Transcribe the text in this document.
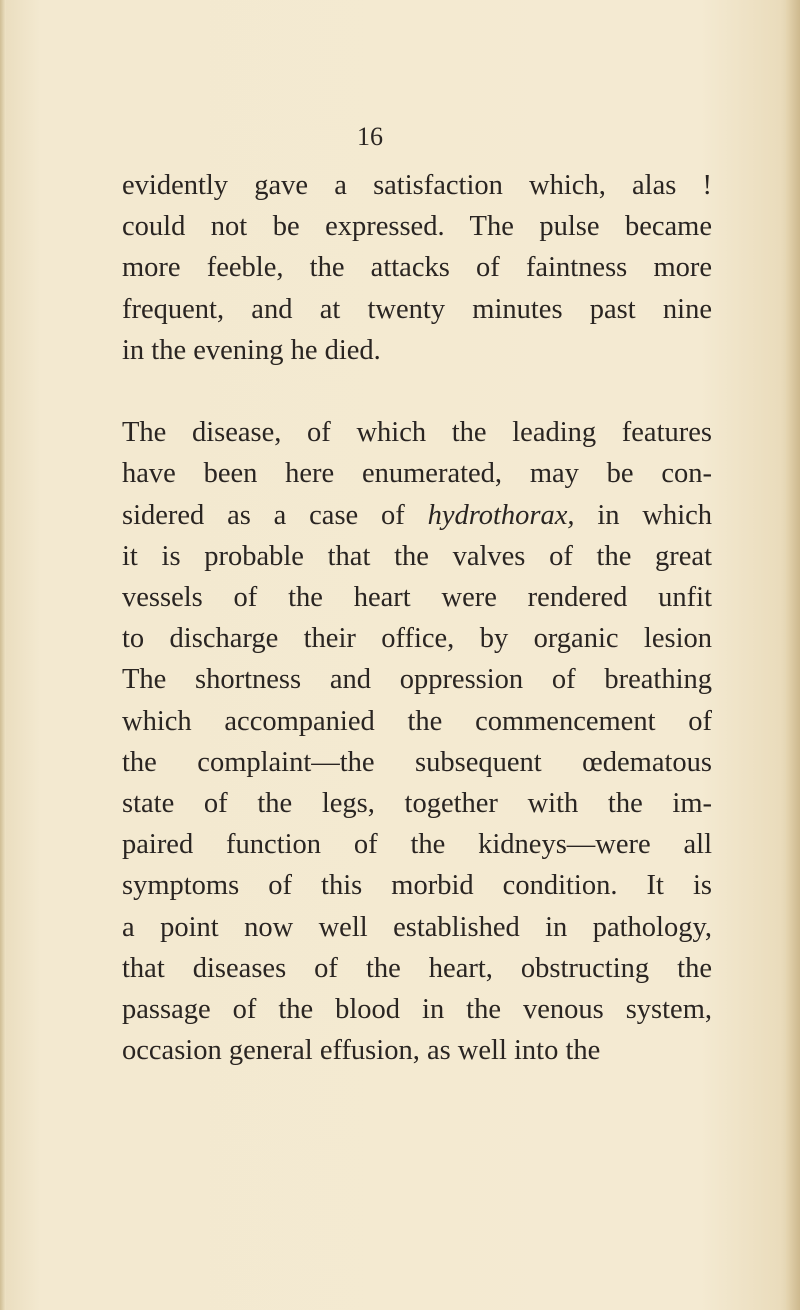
16
evidently gave a satisfaction which, alas !
could not be expressed. The pulse became
more feeble, the attacks of faintness more
frequent, and at twenty minutes past nine
in the evening he died.
The disease, of which the leading features
have been here enumerated, may be con-
sidered as a case of hydrothorax, in which
it is probable that the valves of the great
vessels of the heart were rendered unfit
to discharge their office, by organic lesion
The shortness and oppression of breathing
which accompanied the commencement of
the complaint—the subsequent œdematous
state of the legs, together with the im-
paired function of the kidneys—were all
symptoms of this morbid condition. It is
a point now well established in pathology,
that diseases of the heart, obstructing the
passage of the blood in the venous system,
occasion general effusion, as well into the
